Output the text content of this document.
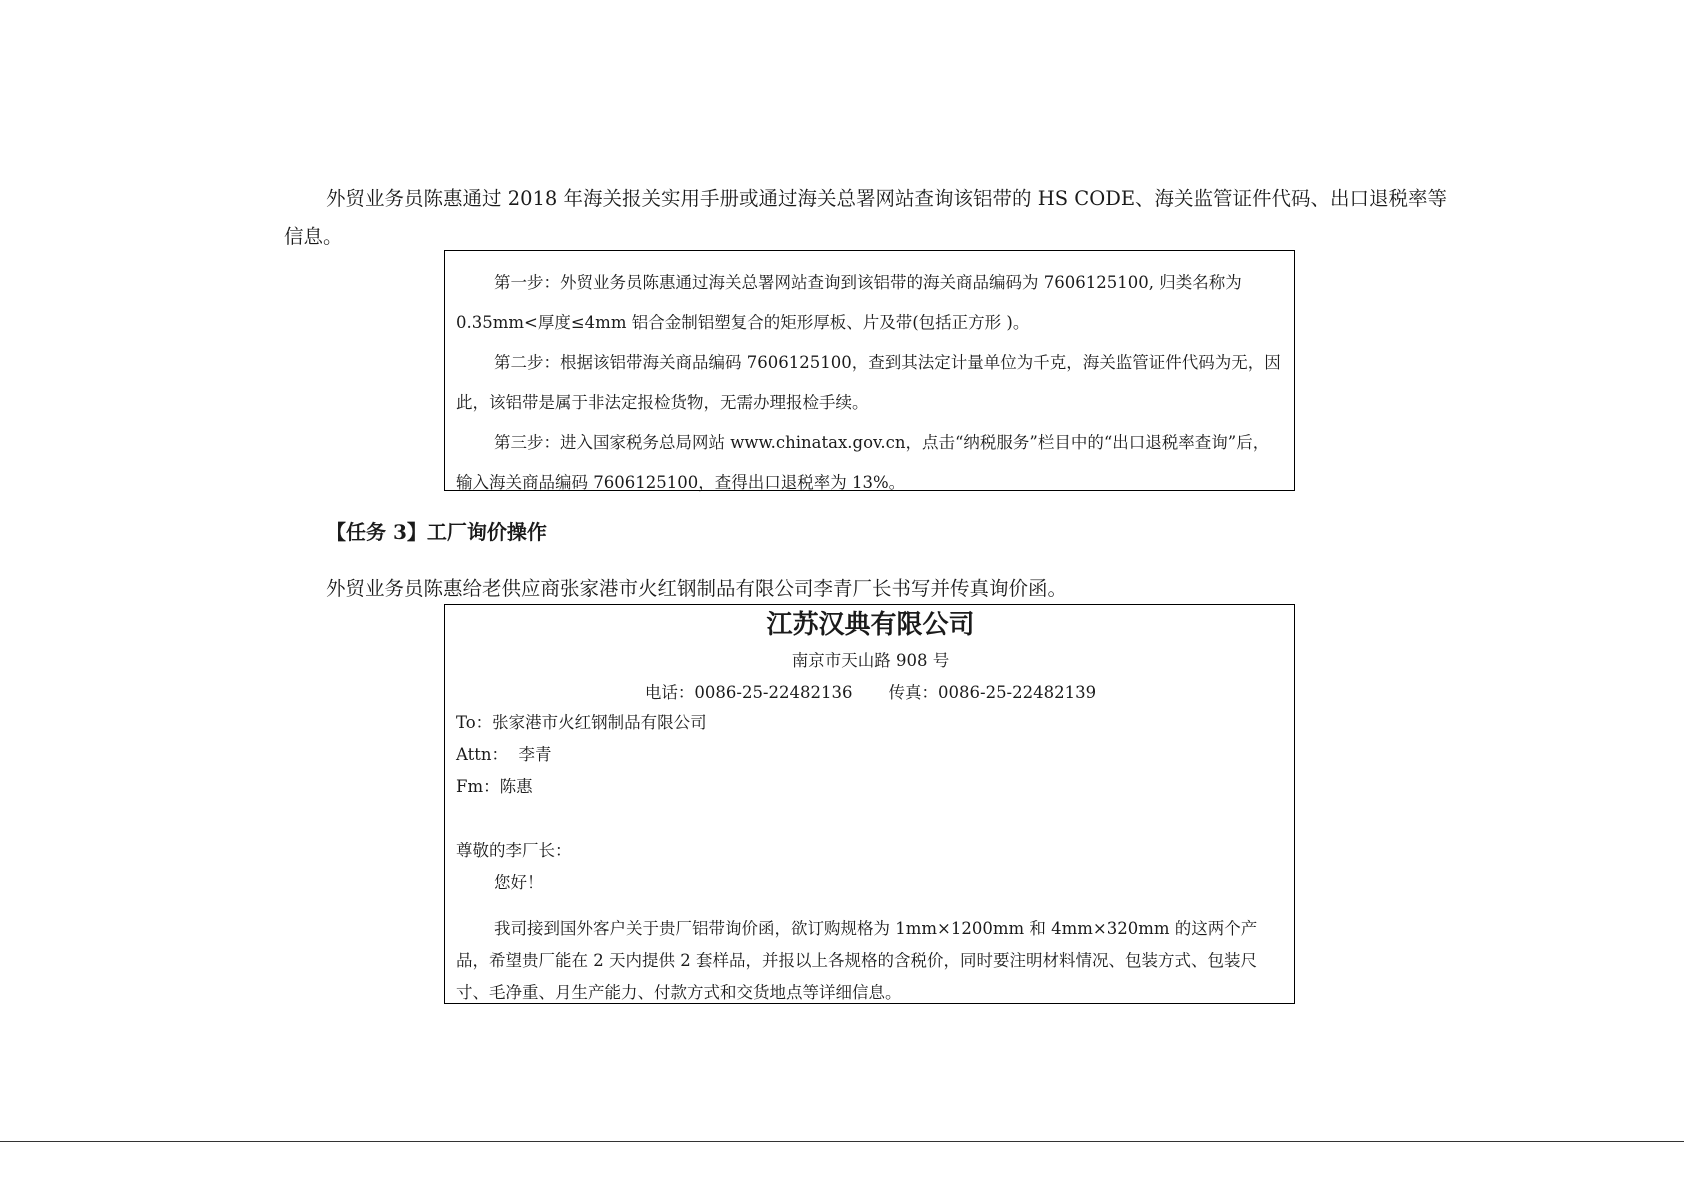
外贸业务员陈惠通过 2018 年海关报关实用手册或通过海关总署网站查询该铝带的 HS CODE、海关监管证件代码、出口退税率等信息。

第一步：外贸业务员陈惠通过海关总署网站查询到该铝带的海关商品编码为 7606125100, 归类名称为 0.35mm<厚度≤4mm 铝合金制铝塑复合的矩形厚板、片及带(包括正方形 )。

第二步：根据该铝带海关商品编码 7606125100，查到其法定计量单位为千克，海关监管证件代码为无，因此，该铝带是属于非法定报检货物，无需办理报检手续。

第三步：进入国家税务总局网站 www.chinatax.gov.cn，点击“纳税服务”栏目中的“出口退税率查询”后，输入海关商品编码 7606125100，查得出口退税率为 13%。

【任务 3】工厂询价操作

外贸业务员陈惠给老供应商张家港市火红钢制品有限公司李青厂长书写并传真询价函。

江苏汉典有限公司
南京市天山路 908 号
电话：0086-25-22482136 传真：0086-25-22482139
To：张家港市火红钢制品有限公司
Attn：  李青
Fm：陈惠
尊敬的李厂长：
您好！

我司接到国外客户关于贵厂铝带询价函，欲订购规格为 1mm×1200mm 和 4mm×320mm 的这两个产品，希望贵厂能在 2 天内提供 2 套样品，并报以上各规格的含税价，同时要注明材料情况、包装方式、包装尺寸、毛净重、月生产能力、付款方式和交货地点等详细信息。
